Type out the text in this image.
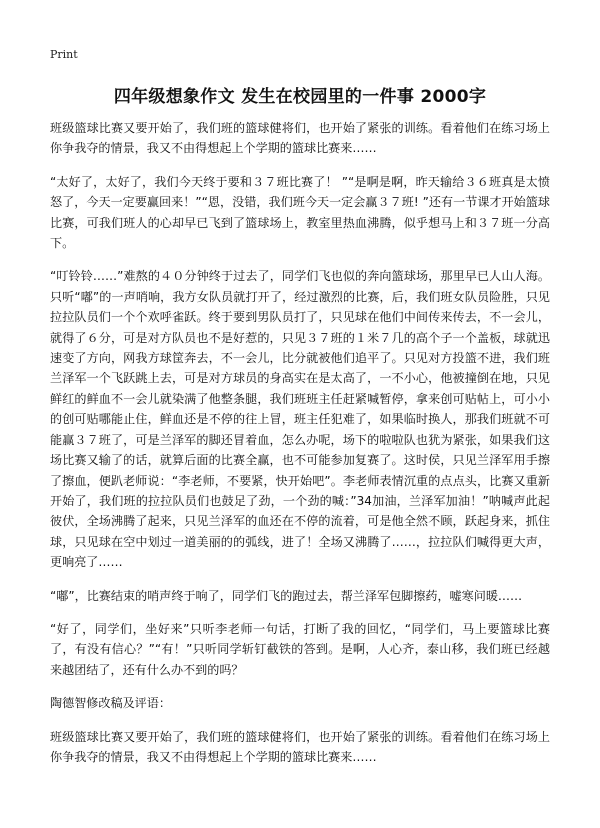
Print
四年级想象作文 发生在校园里的一件事 2000字

班级篮球比赛又要开始了，我们班的篮球健将们，也开始了紧张的训练。看着他们在练习场上你争我夺的情景，我又不由得想起上个学期的篮球比赛来……

“太好了，太好了，我们今天终于要和３７班比赛了！ ”“是啊是啊，昨天输给３６班真是太愤怒了，今天一定要赢回来！”“恩，没错，我们班今天一定会赢３７班! ”还有一节课才开始篮球比赛，可我们班人的心却早已飞到了篮球场上，教室里热血沸腾，似乎想马上和３７班一分高下。

“叮铃铃……”难熬的４０分钟终于过去了，同学们飞也似的奔向篮球场，那里早已人山人海。只听“嘟”的一声哨响，我方女队员就打开了，经过激烈的比赛，后，我们班女队员险胜，只见拉拉队员们一个个欢呼雀跃。终于要到男队员打了，只见球在他们中间传来传去，不一会儿，就得了６分，可是对方队员也不是好惹的，只见３７班的１米７几的高个子一个盖板，球就迅速变了方向，网我方球筐奔去，不一会儿，比分就被他们追平了。只见对方投篮不进，我们班兰泽军一个飞跃跳上去，可是对方球员的身高实在是太高了，一不小心，他被撞倒在地，只见鲜红的鲜血不一会儿就染满了他整条腿，我们班班主任赶紧喊暂停，拿来创可贴帖上，可小小的创可贴哪能止住，鲜血还是不停的往上冒，班主任犯难了，如果临时换人，那我们班就不可能赢３７班了，可是兰泽军的脚还冒着血，怎么办呢，场下的啦啦队也犹为紧张，如果我们这场比赛又输了的话，就算后面的比赛全赢，也不可能参加复赛了。这时侯，只见兰泽军用手擦了擦血，便趴老师说：“李老师，不要紧，快开始吧”。李老师表情沉重的点点头，比赛又重新开始了，我们班的拉拉队员们也鼓足了劲，一个劲的喊：”34加油，兰泽军加油！”呐喊声此起彼伏，全场沸腾了起来，只见兰泽军的血还在不停的流着，可是他全然不顾，跃起身来，抓住球，只见球在空中划过一道美丽的的弧线，进了！全场又沸腾了……，拉拉队们喊得更大声，更响亮了……

“嘟”，比赛结束的哨声终于响了，同学们飞的跑过去，帮兰泽军包脚擦药，嘘寒问暖……

“好了，同学们，坐好来”只听李老师一句话，打断了我的回忆，“同学们，马上要篮球比赛了，有没有信心？”“有！”只听同学斩钉截铁的答到。是啊，人心齐，泰山移，我们班已经越来越团结了，还有什么办不到的吗？

陶德智修改稿及评语：

班级篮球比赛又要开始了，我们班的篮球健将们，也开始了紧张的训练。看着他们在练习场上你争我夺的情景，我又不由得想起上个学期的篮球比赛来……
